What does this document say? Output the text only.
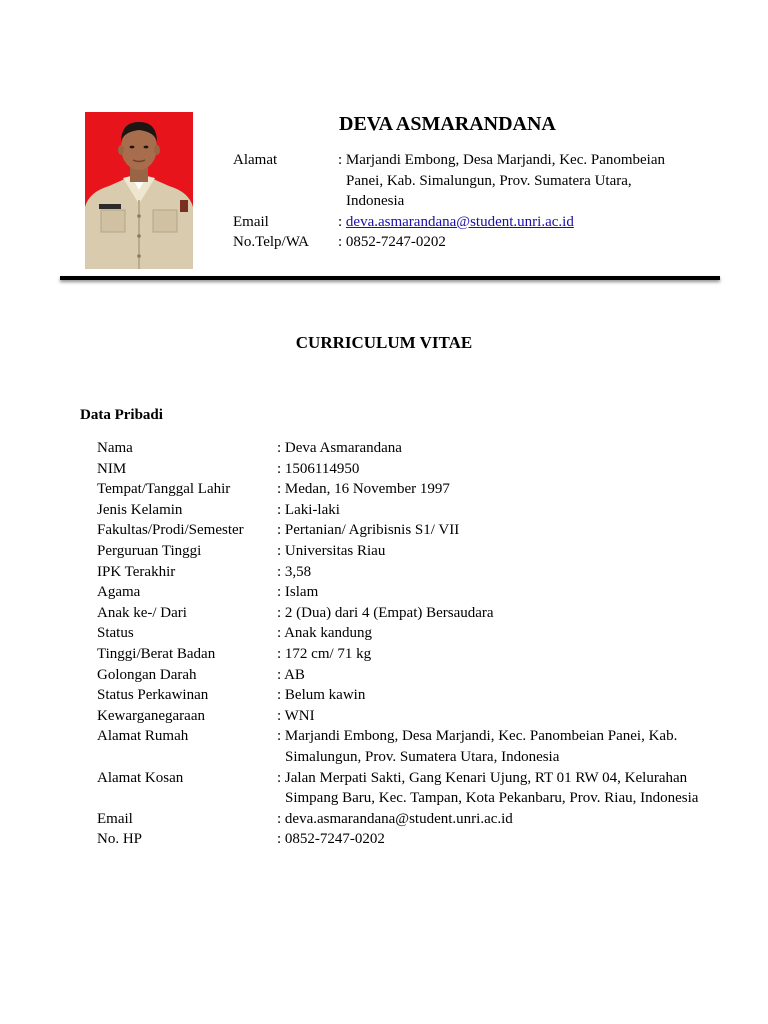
DEVA ASMARANDANA
Alamat	: Marjandi Embong, Desa Marjandi, Kec. Panombeian Panei, Kab. Simalungun, Prov. Sumatera Utara, Indonesia
Email	: deva.asmarandana@student.unri.ac.id
No.Telp/WA	: 0852-7247-0202
CURRICULUM VITAE
Data Pribadi
Nama	: Deva Asmarandana
NIM	: 1506114950
Tempat/Tanggal Lahir	: Medan, 16 November 1997
Jenis Kelamin	: Laki-laki
Fakultas/Prodi/Semester	: Pertanian/ Agribisnis S1/ VII
Perguruan Tinggi	: Universitas Riau
IPK Terakhir	: 3,58
Agama	: Islam
Anak ke-/ Dari	: 2 (Dua) dari 4 (Empat) Bersaudara
Status	: Anak kandung
Tinggi/Berat Badan	: 172 cm/ 71 kg
Golongan Darah	: AB
Status Perkawinan	: Belum kawin
Kewarganegaraan	: WNI
Alamat Rumah	: Marjandi Embong, Desa Marjandi, Kec. Panombeian Panei, Kab. Simalungun, Prov. Sumatera Utara, Indonesia
Alamat Kosan	: Jalan Merpati Sakti, Gang Kenari Ujung, RT 01 RW 04, Kelurahan Simpang Baru, Kec. Tampan, Kota Pekanbaru, Prov. Riau, Indonesia
Email	: deva.asmarandana@student.unri.ac.id
No. HP	: 0852-7247-0202
